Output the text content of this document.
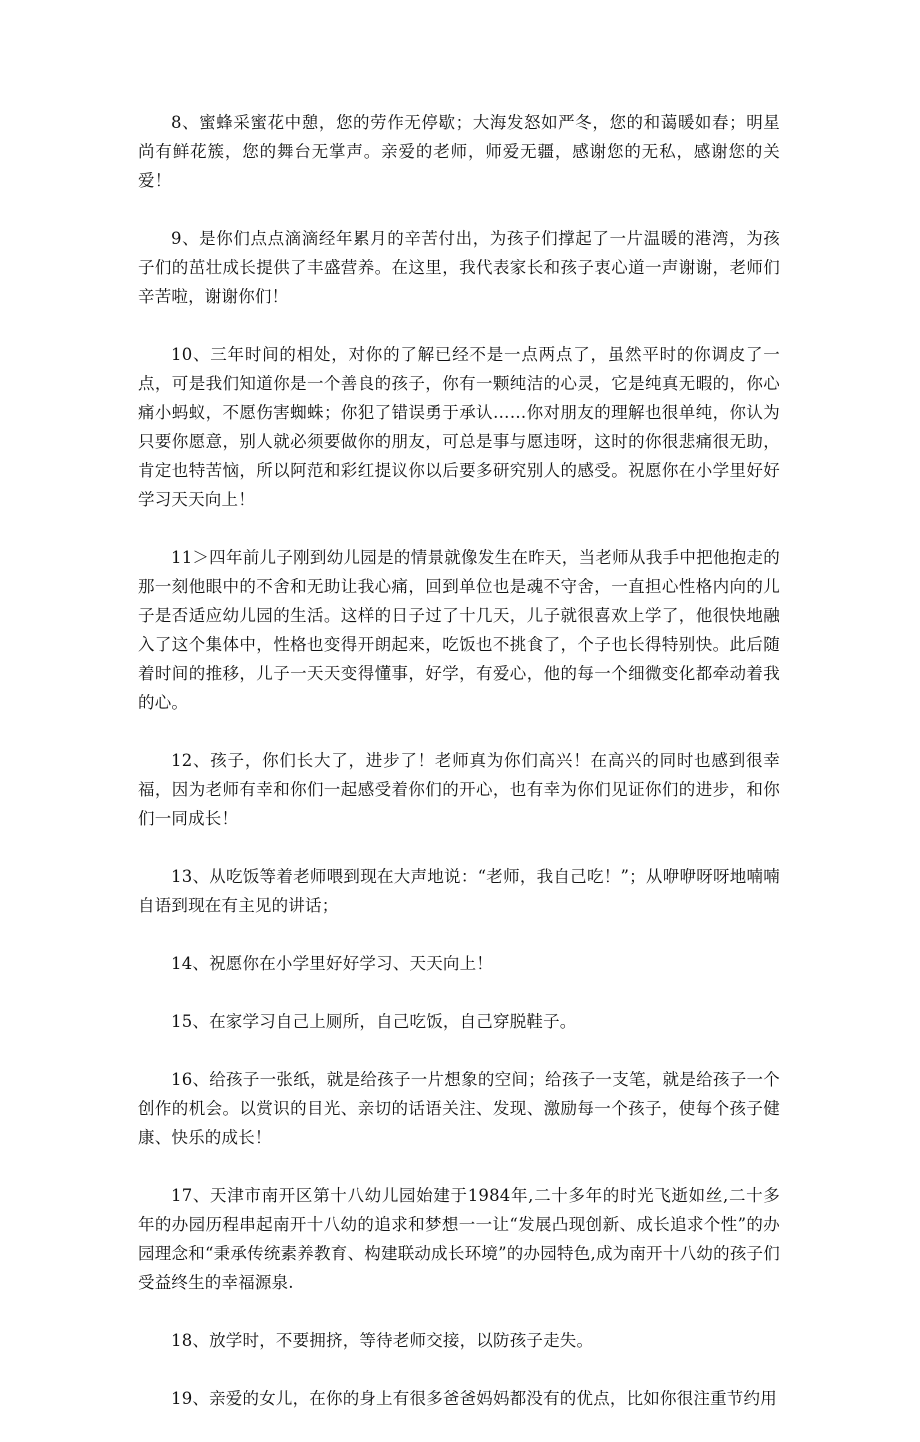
8、蜜蜂采蜜花中憩，您的劳作无停歇；大海发怒如严冬，您的和蔼暖如春；明星尚有鲜花簇，您的舞台无掌声。亲爱的老师，师爱无疆，感谢您的无私，感谢您的关爱！

9、是你们点点滴滴经年累月的辛苦付出，为孩子们撑起了一片温暖的港湾，为孩子们的茁壮成长提供了丰盛营养。在这里，我代表家长和孩子衷心道一声谢谢，老师们辛苦啦，谢谢你们！

10、三年时间的相处，对你的了解已经不是一点两点了，虽然平时的你调皮了一点，可是我们知道你是一个善良的孩子，你有一颗纯洁的心灵，它是纯真无暇的，你心痛小蚂蚁，不愿伤害蜘蛛；你犯了错误勇于承认……你对朋友的理解也很单纯，你认为只要你愿意，别人就必须要做你的朋友，可总是事与愿违呀，这时的你很悲痛很无助，肯定也特苦恼，所以阿范和彩红提议你以后要多研究别人的感受。祝愿你在小学里好好学习天天向上！

11＞四年前儿子刚到幼儿园是的情景就像发生在昨天，当老师从我手中把他抱走的那一刻他眼中的不舍和无助让我心痛，回到单位也是魂不守舍，一直担心性格内向的儿子是否适应幼儿园的生活。这样的日子过了十几天，儿子就很喜欢上学了，他很快地融入了这个集体中，性格也变得开朗起来，吃饭也不挑食了，个子也长得特别快。此后随着时间的推移，儿子一天天变得懂事，好学，有爱心，他的每一个细微变化都牵动着我的心。

12、孩子，你们长大了，进步了！老师真为你们高兴！在高兴的同时也感到很幸福，因为老师有幸和你们一起感受着你们的开心，也有幸为你们见证你们的进步，和你们一同成长！

13、从吃饭等着老师喂到现在大声地说：“老师，我自己吃！”；从咿咿呀呀地喃喃自语到现在有主见的讲话；

14、祝愿你在小学里好好学习、天天向上！

15、在家学习自己上厕所，自己吃饭，自己穿脱鞋子。

16、给孩子一张纸，就是给孩子一片想象的空间；给孩子一支笔，就是给孩子一个创作的机会。以赏识的目光、亲切的话语关注、发现、激励每一个孩子，使每个孩子健康、快乐的成长！

17、天津市南开区第十八幼儿园始建于1984年,二十多年的时光飞逝如丝,二十多年的办园历程串起南开十八幼的追求和梦想一一让“发展凸现创新、成长追求个性”的办园理念和“秉承传统素养教育、构建联动成长环境”的办园特色,成为南开十八幼的孩子们受益终生的幸福源泉.

18、放学时，不要拥挤，等待老师交接，以防孩子走失。

19、亲爱的女儿，在你的身上有很多爸爸妈妈都没有的优点，比如你很注重节约用
